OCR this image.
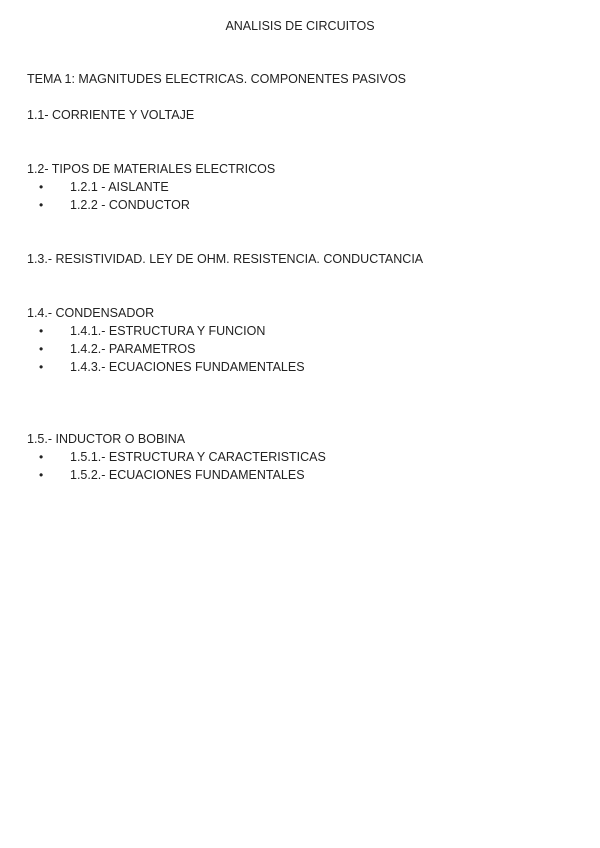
ANALISIS DE CIRCUITOS
TEMA 1: MAGNITUDES ELECTRICAS. COMPONENTES PASIVOS
1.1- CORRIENTE Y VOLTAJE
1.2- TIPOS DE MATERIALES ELECTRICOS
• 1.2.1 - AISLANTE
• 1.2.2 - CONDUCTOR
1.3.- RESISTIVIDAD. LEY DE OHM. RESISTENCIA. CONDUCTANCIA
1.4.- CONDENSADOR
• 1.4.1.- ESTRUCTURA Y FUNCION
• 1.4.2.- PARAMETROS
• 1.4.3.- ECUACIONES FUNDAMENTALES
1.5.- INDUCTOR O BOBINA
• 1.5.1.- ESTRUCTURA Y CARACTERISTICAS
• 1.5.2.- ECUACIONES FUNDAMENTALES
